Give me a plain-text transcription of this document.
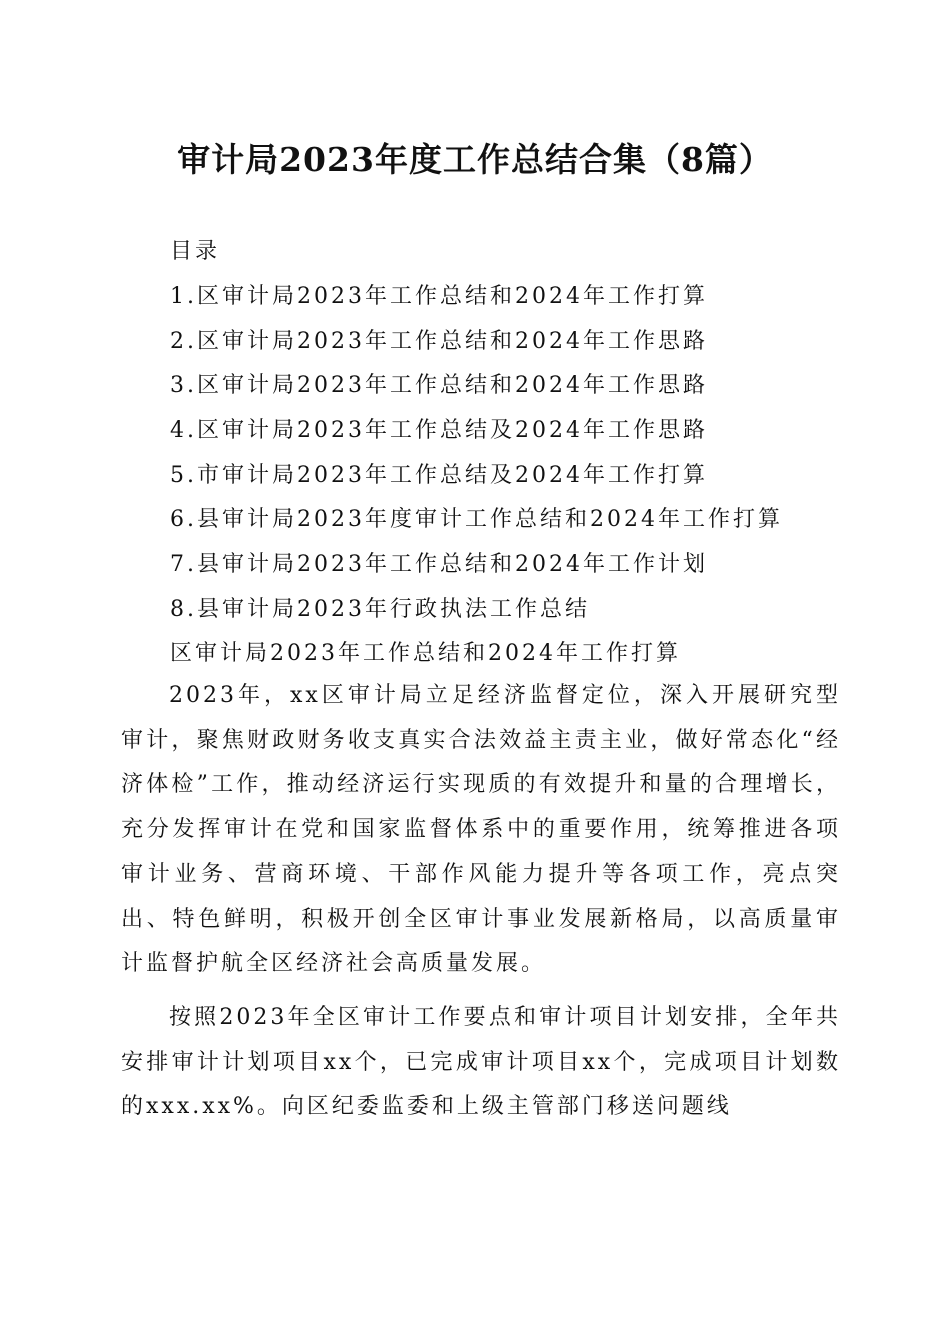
审计局2023年度工作总结合集（8篇）
目录
1.区审计局2023年工作总结和2024年工作打算
2.区审计局2023年工作总结和2024年工作思路
3.区审计局2023年工作总结和2024年工作思路
4.区审计局2023年工作总结及2024年工作思路
5.市审计局2023年工作总结及2024年工作打算
6.县审计局2023年度审计工作总结和2024年工作打算
7.县审计局2023年工作总结和2024年工作计划
8.县审计局2023年行政执法工作总结
区审计局2023年工作总结和2024年工作打算

2023年，xx区审计局立足经济监督定位，深入开展研究型审计，聚焦财政财务收支真实合法效益主责主业，做好常态化“经济体检”工作，推动经济运行实现质的有效提升和量的合理增长，充分发挥审计在党和国家监督体系中的重要作用，统筹推进各项审计业务、营商环境、干部作风能力提升等各项工作，亮点突出、特色鲜明，积极开创全区审计事业发展新格局，以高质量审计监督护航全区经济社会高质量发展。

按照2023年全区审计工作要点和审计项目计划安排，全年共安排审计计划项目xx个，已完成审计项目xx个，完成项目计划数的xxx.xx%。向区纪委监委和上级主管部门移送问题线
